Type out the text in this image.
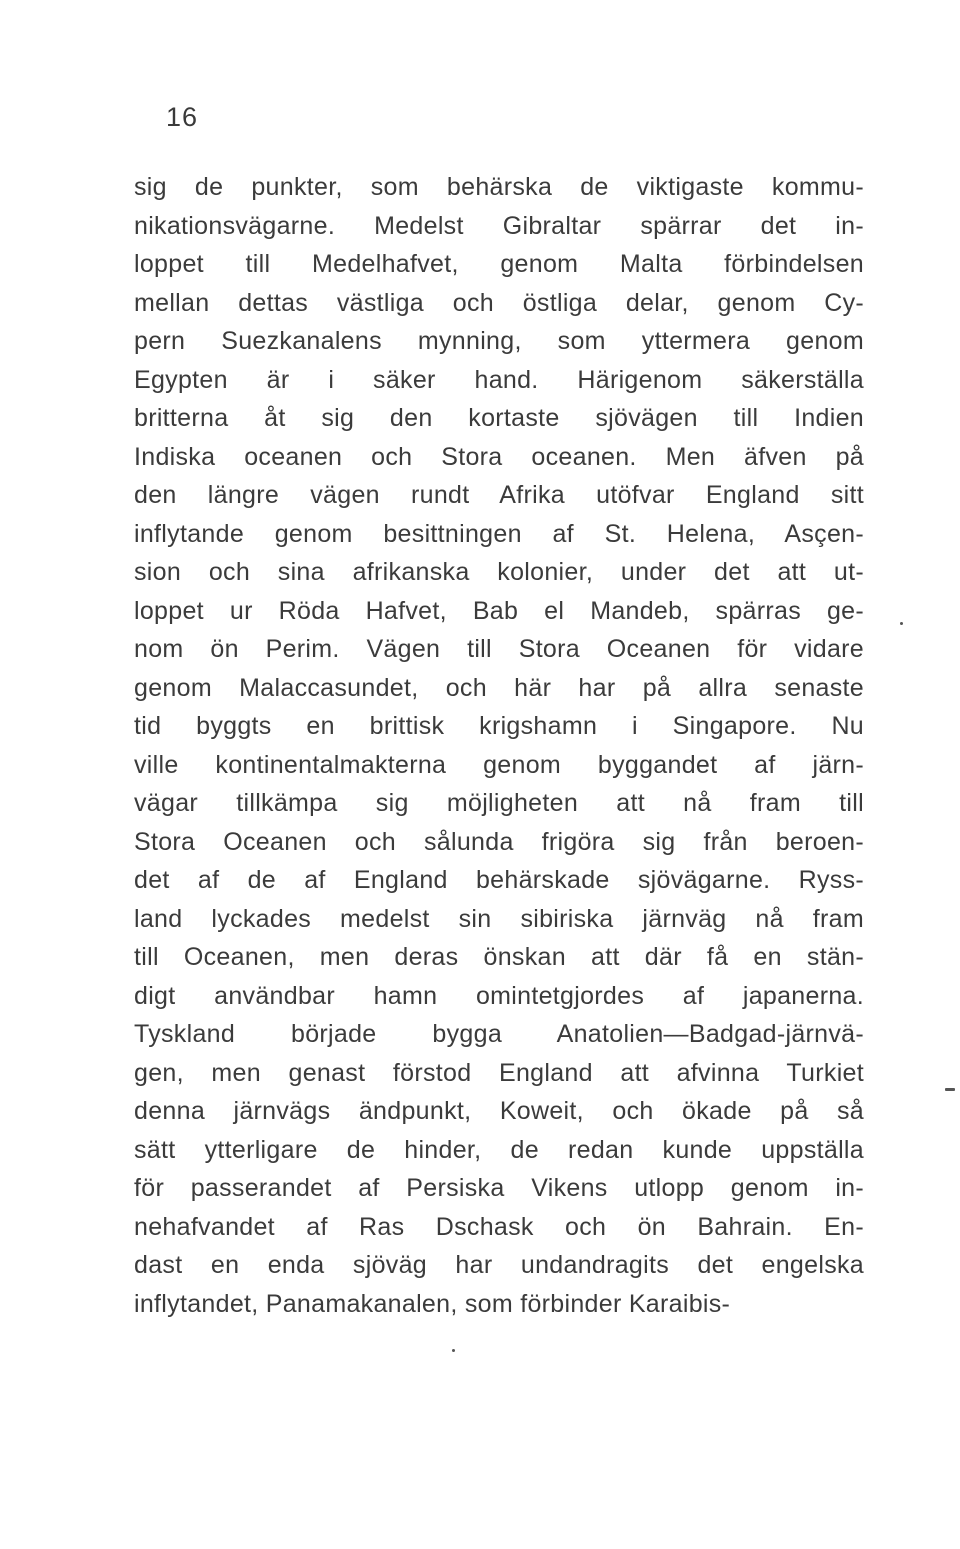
16
sig de punkter, som behärska de viktigaste kommu-
nikationsvägarne. Medelst Gibraltar spärrar det in-
loppet till Medelhafvet, genom Malta förbindelsen
mellan dettas västliga och östliga delar, genom Cy-
pern Suezkanalens mynning, som yttermera genom
Egypten är i säker hand. Härigenom säkerställa
britterna åt sig den kortaste sjövägen till Indien
Indiska oceanen och Stora oceanen. Men äfven på
den längre vägen rundt Afrika utöfvar England sitt
inflytande genom besittningen af St. Helena, Asçen-
sion och sina afrikanska kolonier, under det att ut-
loppet ur Röda Hafvet, Bab el Mandeb, spärras ge-
nom ön Perim. Vägen till Stora Oceanen för vidare
genom Malaccasundet, och här har på allra senaste
tid byggts en brittisk krigshamn i Singapore. Nu
ville kontinentalmakterna genom byggandet af järn-
vägar tillkämpa sig möjligheten att nå fram till
Stora Oceanen och sålunda frigöra sig från beroen-
det af de af England behärskade sjövägarne. Ryss-
land lyckades medelst sin sibiriska järnväg nå fram
till Oceanen, men deras önskan att där få en stän-
digt användbar hamn omintetgjordes af japanerna.
Tyskland började bygga Anatolien—Badgad-järnvä-
gen, men genast förstod England att afvinna Turkiet
denna järnvägs ändpunkt, Koweit, och ökade på så
sätt ytterligare de hinder, de redan kunde uppställa
för passerandet af Persiska Vikens utlopp genom in-
nehafvandet af Ras Dschask och ön Bahrain. En-
dast en enda sjöväg har undandragits det engelska
inflytandet, Panamakanalen, som förbinder Karaibis-
